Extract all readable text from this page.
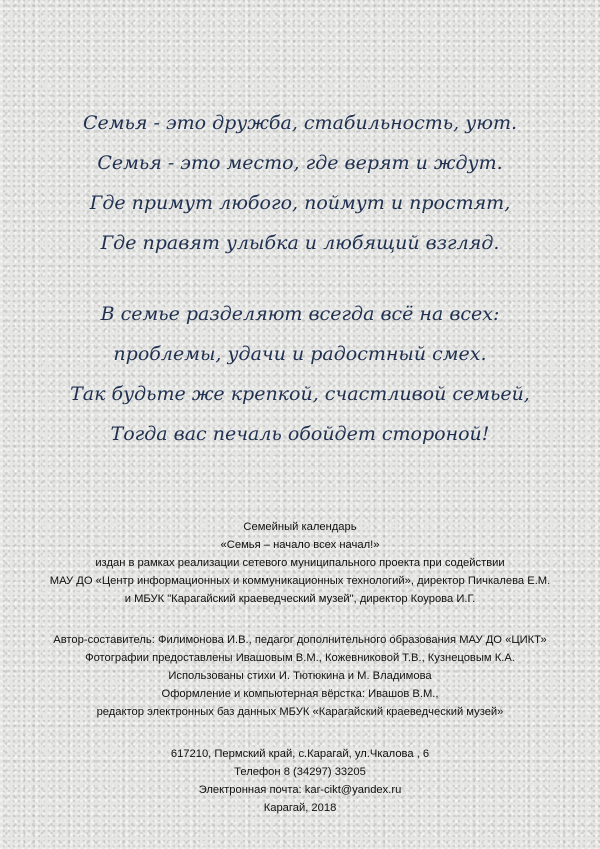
Семья - это дружба, стабильность, уют.
Семья - это место, где верят и ждут.
Где примут любого, поймут и простят,
Где правят улыбка и любящий взгляд.
В семье разделяют всегда всё на всех:
проблемы, удачи и радостный смех.
Так будьте же крепкой, счастливой семьей,
Тогда вас печаль обойдет стороной!
Семейный календарь
«Семья – начало всех начал!»
издан в рамках реализации сетевого муниципального проекта при содействии
МАУ ДО «Центр информационных и коммуникационных технологий», директор Пичкалева Е.М.
и МБУК "Карагайский краеведческий музей", директор Коурова И.Г.
Автор-составитель: Филимонова И.В., педагог дополнительного образования МАУ ДО «ЦИКТ»
Фотографии предоставлены Ивашовым В.М., Кожевниковой Т.В., Кузнецовым К.А.
Использованы стихи И. Тютюкина и М. Владимова
Оформление и компьютерная вёрстка: Ивашов В.М.,
редактор электронных баз данных МБУК «Карагайский краеведческий музей»
617210, Пермский край, с.Карагай, ул.Чкалова , 6
Телефон 8 (34297) 33205
Электронная почта: kar-cikt@yandex.ru
Карагай, 2018
